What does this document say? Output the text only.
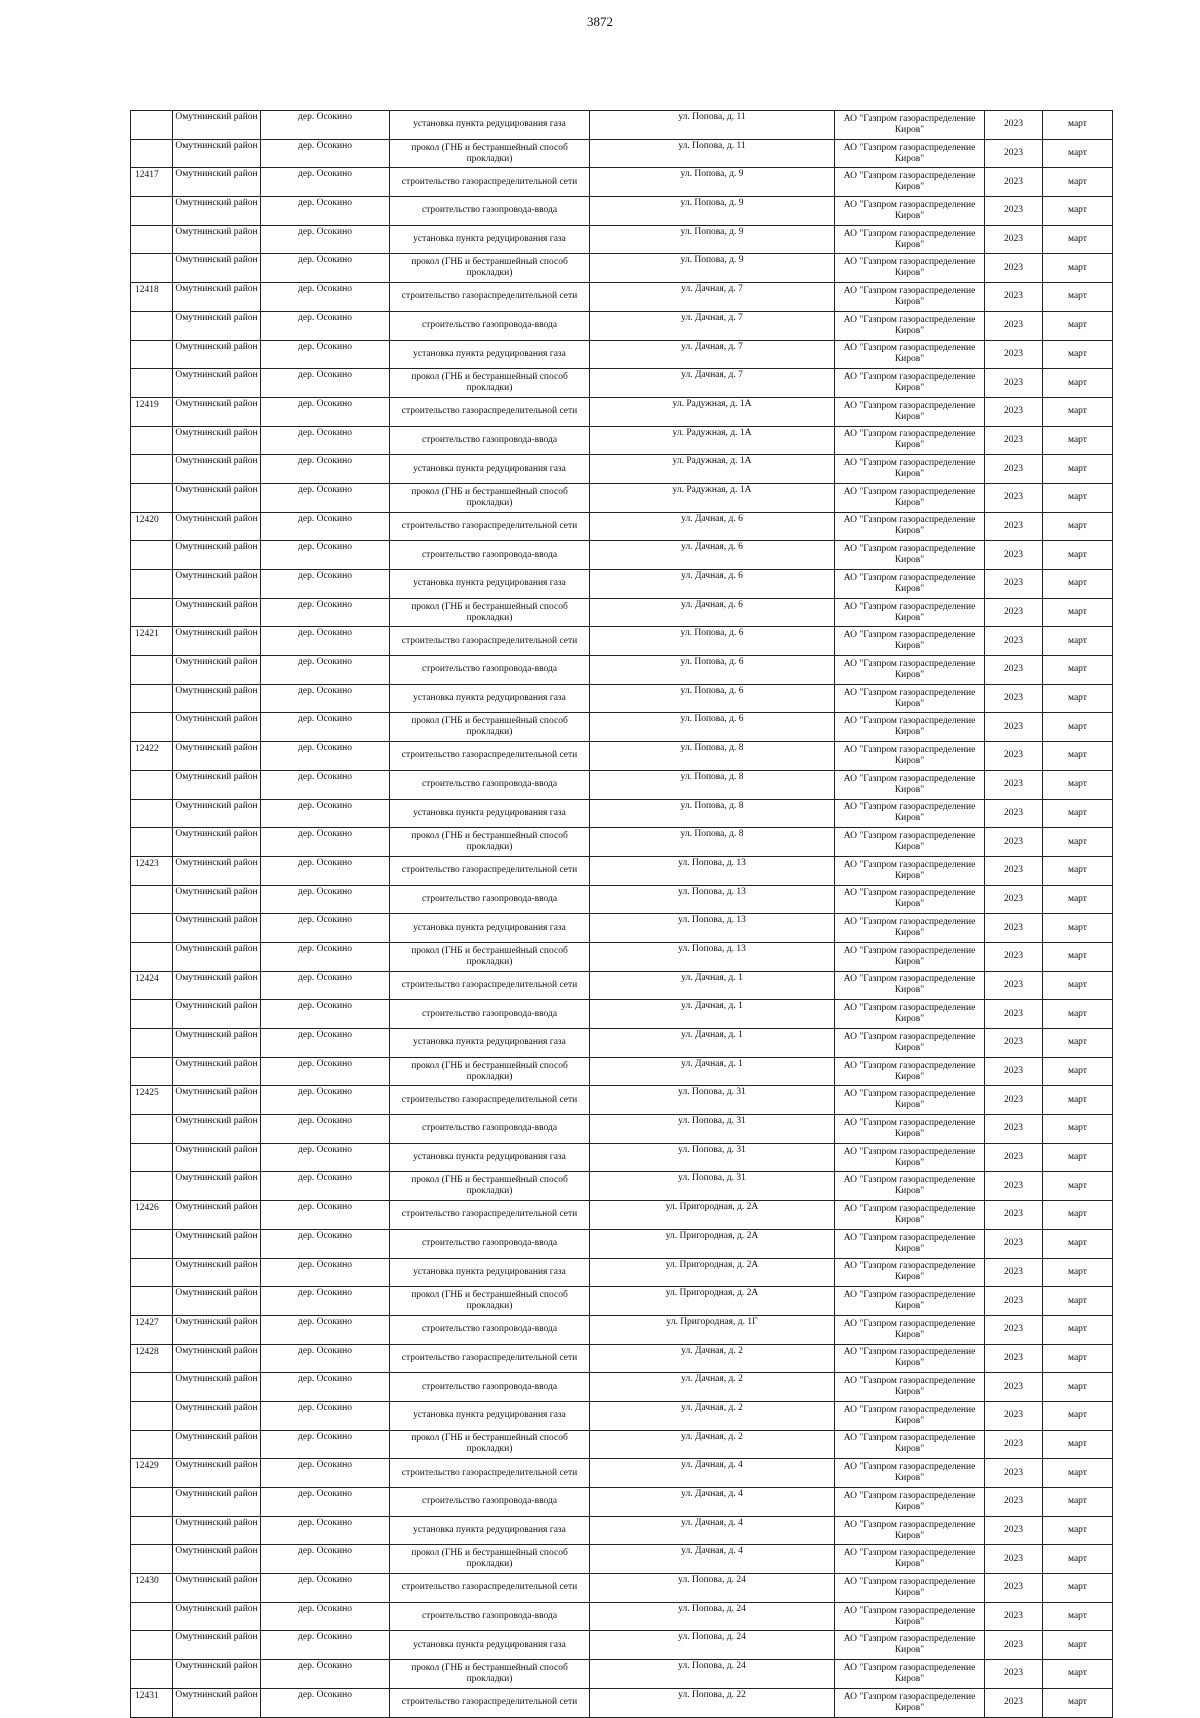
3872

	Омутнинский район	дер. Осокино	установка пункта редуцирования газа	ул. Попова, д. 11	АО "Газпром газораспределение Киров"	2023	март

	Омутнинский район	дер. Осокино	прокол (ГНБ и бестраншейный способ прокладки)	ул. Попова, д. 11	АО "Газпром газораспределение Киров"	2023	март
12417	Омутнинский район	дер. Осокино	строительство газораспределительной сети	ул. Попова, д. 9	АО "Газпром газораспределение Киров"	2023	март

	Омутнинский район	дер. Осокино	строительство газопровода-ввода	ул. Попова, д. 9	АО "Газпром газораспределение Киров"	2023	март

	Омутнинский район	дер. Осокино	установка пункта редуцирования газа	ул. Попова, д. 9	АО "Газпром газораспределение Киров"	2023	март

	Омутнинский район	дер. Осокино	прокол (ГНБ и бестраншейный способ прокладки)	ул. Попова, д. 9	АО "Газпром газораспределение Киров"	2023	март
12418	Омутнинский район	дер. Осокино	строительство газораспределительной сети	ул. Дачная, д. 7	АО "Газпром газораспределение Киров"	2023	март

	Омутнинский район	дер. Осокино	строительство газопровода-ввода	ул. Дачная, д. 7	АО "Газпром газораспределение Киров"	2023	март

	Омутнинский район	дер. Осокино	установка пункта редуцирования газа	ул. Дачная, д. 7	АО "Газпром газораспределение Киров"	2023	март

	Омутнинский район	дер. Осокино	прокол (ГНБ и бестраншейный способ прокладки)	ул. Дачная, д. 7	АО "Газпром газораспределение Киров"	2023	март
12419	Омутнинский район	дер. Осокино	строительство газораспределительной сети	ул. Радужная, д. 1А	АО "Газпром газораспределение Киров"	2023	март

	Омутнинский район	дер. Осокино	строительство газопровода-ввода	ул. Радужная, д. 1А	АО "Газпром газораспределение Киров"	2023	март

	Омутнинский район	дер. Осокино	установка пункта редуцирования газа	ул. Радужная, д. 1А	АО "Газпром газораспределение Киров"	2023	март

	Омутнинский район	дер. Осокино	прокол (ГНБ и бестраншейный способ прокладки)	ул. Радужная, д. 1А	АО "Газпром газораспределение Киров"	2023	март
12420	Омутнинский район	дер. Осокино	строительство газораспределительной сети	ул. Дачная, д. 6	АО "Газпром газораспределение Киров"	2023	март

	Омутнинский район	дер. Осокино	строительство газопровода-ввода	ул. Дачная, д. 6	АО "Газпром газораспределение Киров"	2023	март

	Омутнинский район	дер. Осокино	установка пункта редуцирования газа	ул. Дачная, д. 6	АО "Газпром газораспределение Киров"	2023	март

	Омутнинский район	дер. Осокино	прокол (ГНБ и бестраншейный способ прокладки)	ул. Дачная, д. 6	АО "Газпром газораспределение Киров"	2023	март
12421	Омутнинский район	дер. Осокино	строительство газораспределительной сети	ул. Попова, д. 6	АО "Газпром газораспределение Киров"	2023	март

	Омутнинский район	дер. Осокино	строительство газопровода-ввода	ул. Попова, д. 6	АО "Газпром газораспределение Киров"	2023	март

	Омутнинский район	дер. Осокино	установка пункта редуцирования газа	ул. Попова, д. 6	АО "Газпром газораспределение Киров"	2023	март

	Омутнинский район	дер. Осокино	прокол (ГНБ и бестраншейный способ прокладки)	ул. Попова, д. 6	АО "Газпром газораспределение Киров"	2023	март
12422	Омутнинский район	дер. Осокино	строительство газораспределительной сети	ул. Попова, д. 8	АО "Газпром газораспределение Киров"	2023	март

	Омутнинский район	дер. Осокино	строительство газопровода-ввода	ул. Попова, д. 8	АО "Газпром газораспределение Киров"	2023	март

	Омутнинский район	дер. Осокино	установка пункта редуцирования газа	ул. Попова, д. 8	АО "Газпром газораспределение Киров"	2023	март

	Омутнинский район	дер. Осокино	прокол (ГНБ и бестраншейный способ прокладки)	ул. Попова, д. 8	АО "Газпром газораспределение Киров"	2023	март
12423	Омутнинский район	дер. Осокино	строительство газораспределительной сети	ул. Попова, д. 13	АО "Газпром газораспределение Киров"	2023	март

	Омутнинский район	дер. Осокино	строительство газопровода-ввода	ул. Попова, д. 13	АО "Газпром газораспределение Киров"	2023	март

	Омутнинский район	дер. Осокино	установка пункта редуцирования газа	ул. Попова, д. 13	АО "Газпром газораспределение Киров"	2023	март

	Омутнинский район	дер. Осокино	прокол (ГНБ и бестраншейный способ прокладки)	ул. Попова, д. 13	АО "Газпром газораспределение Киров"	2023	март
12424	Омутнинский район	дер. Осокино	строительство газораспределительной сети	ул. Дачная, д. 1	АО "Газпром газораспределение Киров"	2023	март

	Омутнинский район	дер. Осокино	строительство газопровода-ввода	ул. Дачная, д. 1	АО "Газпром газораспределение Киров"	2023	март

	Омутнинский район	дер. Осокино	установка пункта редуцирования газа	ул. Дачная, д. 1	АО "Газпром газораспределение Киров"	2023	март

	Омутнинский район	дер. Осокино	прокол (ГНБ и бестраншейный способ прокладки)	ул. Дачная, д. 1	АО "Газпром газораспределение Киров"	2023	март
12425	Омутнинский район	дер. Осокино	строительство газораспределительной сети	ул. Попова, д. 31	АО "Газпром газораспределение Киров"	2023	март

	Омутнинский район	дер. Осокино	строительство газопровода-ввода	ул. Попова, д. 31	АО "Газпром газораспределение Киров"	2023	март

	Омутнинский район	дер. Осокино	установка пункта редуцирования газа	ул. Попова, д. 31	АО "Газпром газораспределение Киров"	2023	март

	Омутнинский район	дер. Осокино	прокол (ГНБ и бестраншейный способ прокладки)	ул. Попова, д. 31	АО "Газпром газораспределение Киров"	2023	март
12426	Омутнинский район	дер. Осокино	строительство газораспределительной сети	ул. Пригородная, д. 2А	АО "Газпром газораспределение Киров"	2023	март

	Омутнинский район	дер. Осокино	строительство газопровода-ввода	ул. Пригородная, д. 2А	АО "Газпром газораспределение Киров"	2023	март

	Омутнинский район	дер. Осокино	установка пункта редуцирования газа	ул. Пригородная, д. 2А	АО "Газпром газораспределение Киров"	2023	март

	Омутнинский район	дер. Осокино	прокол (ГНБ и бестраншейный способ прокладки)	ул. Пригородная, д. 2А	АО "Газпром газораспределение Киров"	2023	март
12427	Омутнинский район	дер. Осокино	строительство газопровода-ввода	ул. Пригородная, д. 1Г	АО "Газпром газораспределение Киров"	2023	март
12428	Омутнинский район	дер. Осокино	строительство газораспределительной сети	ул. Дачная, д. 2	АО "Газпром газораспределение Киров"	2023	март

	Омутнинский район	дер. Осокино	строительство газопровода-ввода	ул. Дачная, д. 2	АО "Газпром газораспределение Киров"	2023	март

	Омутнинский район	дер. Осокино	установка пункта редуцирования газа	ул. Дачная, д. 2	АО "Газпром газораспределение Киров"	2023	март

	Омутнинский район	дер. Осокино	прокол (ГНБ и бестраншейный способ прокладки)	ул. Дачная, д. 2	АО "Газпром газораспределение Киров"	2023	март
12429	Омутнинский район	дер. Осокино	строительство газораспределительной сети	ул. Дачная, д. 4	АО "Газпром газораспределение Киров"	2023	март

	Омутнинский район	дер. Осокино	строительство газопровода-ввода	ул. Дачная, д. 4	АО "Газпром газораспределение Киров"	2023	март

	Омутнинский район	дер. Осокино	установка пункта редуцирования газа	ул. Дачная, д. 4	АО "Газпром газораспределение Киров"	2023	март

	Омутнинский район	дер. Осокино	прокол (ГНБ и бестраншейный способ прокладки)	ул. Дачная, д. 4	АО "Газпром газораспределение Киров"	2023	март
12430	Омутнинский район	дер. Осокино	строительство газораспределительной сети	ул. Попова, д. 24	АО "Газпром газораспределение Киров"	2023	март

	Омутнинский район	дер. Осокино	строительство газопровода-ввода	ул. Попова, д. 24	АО "Газпром газораспределение Киров"	2023	март

	Омутнинский район	дер. Осокино	установка пункта редуцирования газа	ул. Попова, д. 24	АО "Газпром газораспределение Киров"	2023	март

	Омутнинский район	дер. Осокино	прокол (ГНБ и бестраншейный способ прокладки)	ул. Попова, д. 24	АО "Газпром газораспределение Киров"	2023	март
12431	Омутнинский район	дер. Осокино	строительство газораспределительной сети	ул. Попова, д. 22	АО "Газпром газораспределение Киров"	2023	март
